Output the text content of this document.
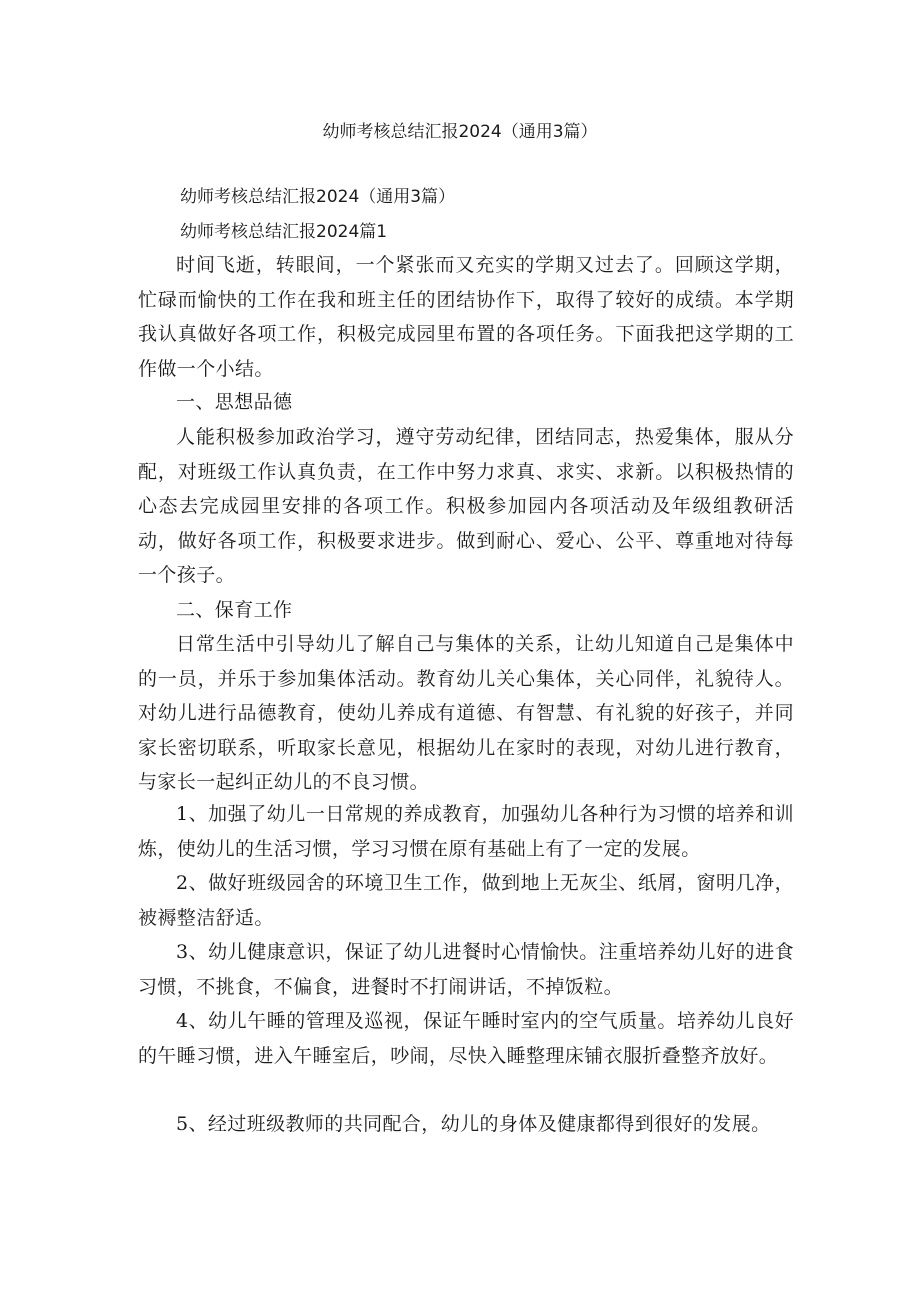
幼师考核总结汇报2024（通用3篇）
幼师考核总结汇报2024（通用3篇）
幼师考核总结汇报2024篇1

时间飞逝，转眼间，一个紧张而又充实的学期又过去了。回顾这学期，忙碌而愉快的工作在我和班主任的团结协作下，取得了较好的成绩。本学期我认真做好各项工作，积极完成园里布置的各项任务。下面我把这学期的工作做一个小结。

一、思想品德

人能积极参加政治学习，遵守劳动纪律，团结同志，热爱集体，服从分配，对班级工作认真负责，在工作中努力求真、求实、求新。以积极热情的心态去完成园里安排的各项工作。积极参加园内各项活动及年级组教研活动，做好各项工作，积极要求进步。做到耐心、爱心、公平、尊重地对待每一个孩子。

二、保育工作

日常生活中引导幼儿了解自己与集体的关系，让幼儿知道自己是集体中的一员，并乐于参加集体活动。教育幼儿关心集体，关心同伴，礼貌待人。对幼儿进行品德教育，使幼儿养成有道德、有智慧、有礼貌的好孩子，并同家长密切联系，听取家长意见，根据幼儿在家时的表现，对幼儿进行教育，与家长一起纠正幼儿的不良习惯。

1、加强了幼儿一日常规的养成教育，加强幼儿各种行为习惯的培养和训炼，使幼儿的生活习惯，学习习惯在原有基础上有了一定的发展。

2、做好班级园舍的环境卫生工作，做到地上无灰尘、纸屑，窗明几净，被褥整洁舒适。

3、幼儿健康意识，保证了幼儿进餐时心情愉快。注重培养幼儿好的进食习惯，不挑食，不偏食，进餐时不打闹讲话，不掉饭粒。

4、幼儿午睡的管理及巡视，保证午睡时室内的空气质量。培养幼儿良好的午睡习惯，进入午睡室后，吵闹，尽快入睡整理床铺衣服折叠整齐放好。

5、经过班级教师的共同配合，幼儿的身体及健康都得到很好的发展。
